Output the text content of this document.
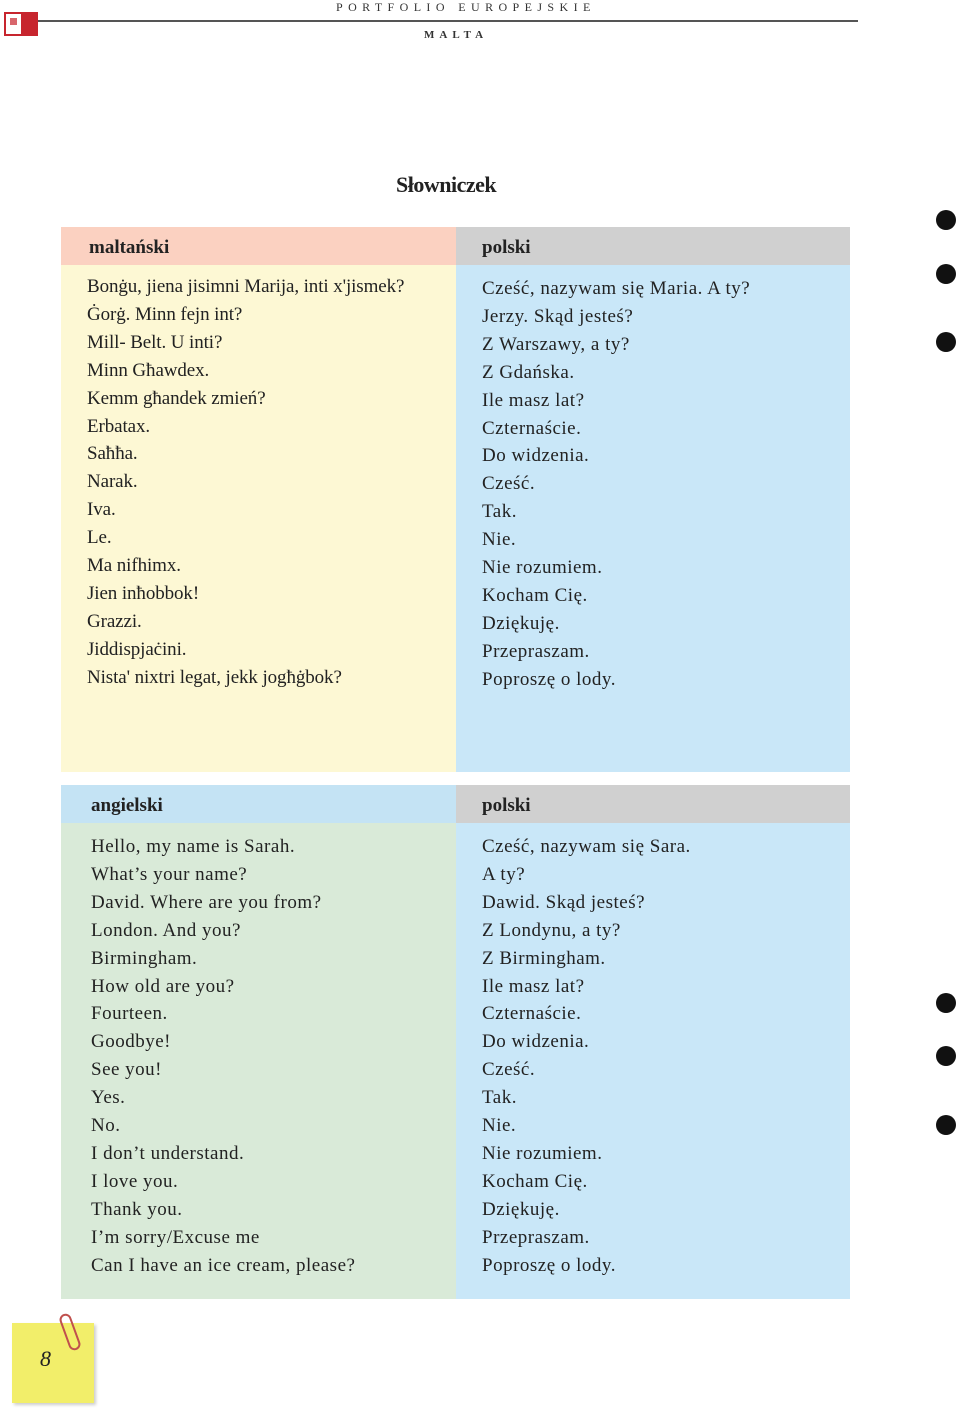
PORTFOLIO EUROPEJSKIE
MALTA
Słowniczek
maltański
Bonġu, jiena jisimni Marija, inti x'jismek?
Ġorġ. Minn fejn int?
Mill- Belt. U inti?
Minn Għawdex.
Kemm għandek zmień?
Erbatax.
Saħħa.
Narak.
Iva.
Le.
Ma nifhimx.
Jien inħobbok!
Grazzi.
Jiddispjaċini.
Nista' nixtri legat, jekk jogħġbok?
polski
Cześć, nazywam się Maria. A ty?
Jerzy. Skąd jesteś?
Z Warszawy, a ty?
Z Gdańska.
Ile masz lat?
Czternaście.
Do widzenia.
Cześć.
Tak.
Nie.
Nie rozumiem.
Kocham Cię.
Dziękuję.
Przepraszam.
Poproszę o lody.
angielski
Hello, my name is Sarah.
What’s your name?
David. Where are you from?
London. And you?
Birmingham.
How old are you?
Fourteen.
Goodbye!
See you!
Yes.
No.
I don’t understand.
I love you.
Thank you.
I’m sorry/Excuse me
Can I have an ice cream, please?
polski
Cześć, nazywam się Sara.
A ty?
Dawid. Skąd jesteś?
Z Londynu, a ty?
Z Birmingham.
Ile masz lat?
Czternaście.
Do widzenia.
Cześć.
Tak.
Nie.
Nie rozumiem.
Kocham Cię.
Dziękuję.
Przepraszam.
Poproszę o lody.
8
